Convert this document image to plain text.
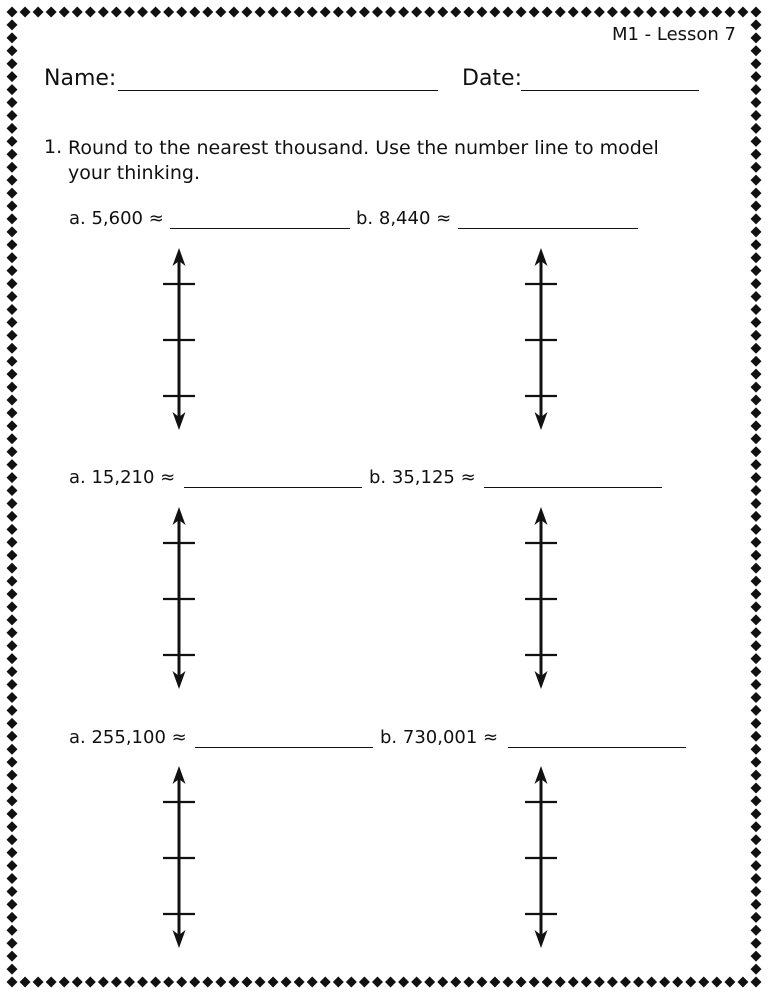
M1 - Lesson 7
Name:	Date:
1. Round to the nearest thousand. Use the number line to model your thinking.
a. 5,600 ≈	b. 8,440 ≈
a. 15,210 ≈	b. 35,125 ≈
a. 255,100 ≈	b. 730,001 ≈
